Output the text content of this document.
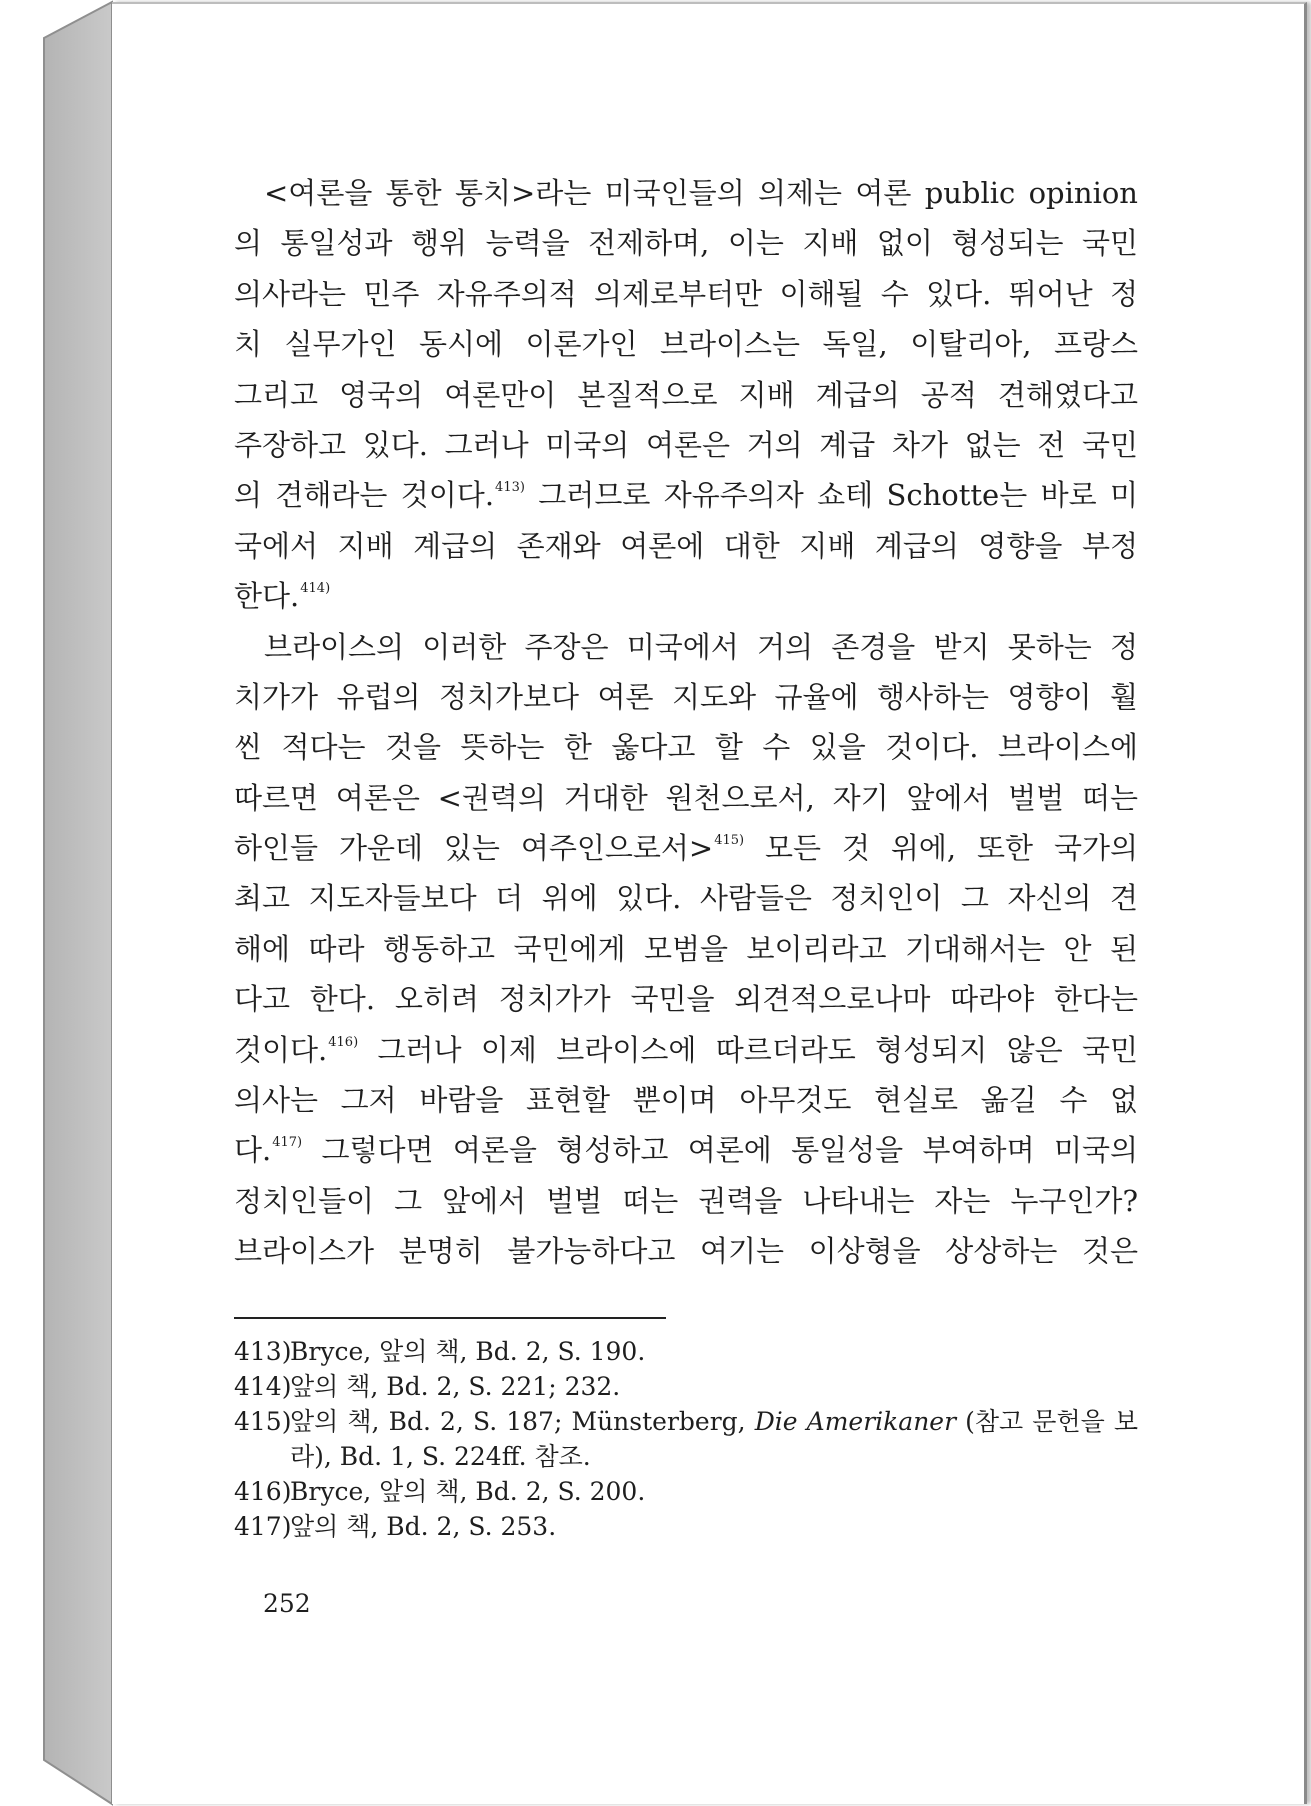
<여론을 통한 통치>라는 미국인들의 의제는 여론 public opinion
의 통일성과 행위 능력을 전제하며, 이는 지배 없이 형성되는 국민
의사라는 민주 자유주의적 의제로부터만 이해될 수 있다. 뛰어난 정
치 실무가인 동시에 이론가인 브라이스는 독일, 이탈리아, 프랑스
그리고 영국의 여론만이 본질적으로 지배 계급의 공적 견해였다고
주장하고 있다. 그러나 미국의 여론은 거의 계급 차가 없는 전 국민
의 견해라는 것이다.$^{413)}$ 그러므로 자유주의자 쇼테 Schotte는 바로 미
국에서 지배 계급의 존재와 여론에 대한 지배 계급의 영향을 부정
한다.$^{414)}$
브라이스의 이러한 주장은 미국에서 거의 존경을 받지 못하는 정
치가가 유럽의 정치가보다 여론 지도와 규율에 행사하는 영향이 훨
씬 적다는 것을 뜻하는 한 옳다고 할 수 있을 것이다. 브라이스에
따르면 여론은 <권력의 거대한 원천으로서, 자기 앞에서 벌벌 떠는
하인들 가운데 있는 여주인으로서>$^{415)}$ 모든 것 위에, 또한 국가의
최고 지도자들보다 더 위에 있다. 사람들은 정치인이 그 자신의 견
해에 따라 행동하고 국민에게 모범을 보이리라고 기대해서는 안 된
다고 한다. 오히려 정치가가 국민을 외견적으로나마 따라야 한다는
것이다.$^{416)}$ 그러나 이제 브라이스에 따르더라도 형성되지 않은 국민
의사는 그저 바람을 표현할 뿐이며 아무것도 현실로 옮길 수 없
다.$^{417)}$ 그렇다면 여론을 형성하고 여론에 통일성을 부여하며 미국의
정치인들이 그 앞에서 벌벌 떠는 권력을 나타내는 자는 누구인가?
브라이스가 분명히 불가능하다고 여기는 이상형을 상상하는 것은
413)Bryce, 앞의 책, Bd. 2, S. 190.
414)앞의 책, Bd. 2, S. 221; 232.
415)앞의 책, Bd. 2, S. 187; Münsterberg, Die Amerikaner (참고 문헌을 보
라), Bd. 1, S. 224ff. 참조.
416)Bryce, 앞의 책, Bd. 2, S. 200.
417)앞의 책, Bd. 2, S. 253.
252
